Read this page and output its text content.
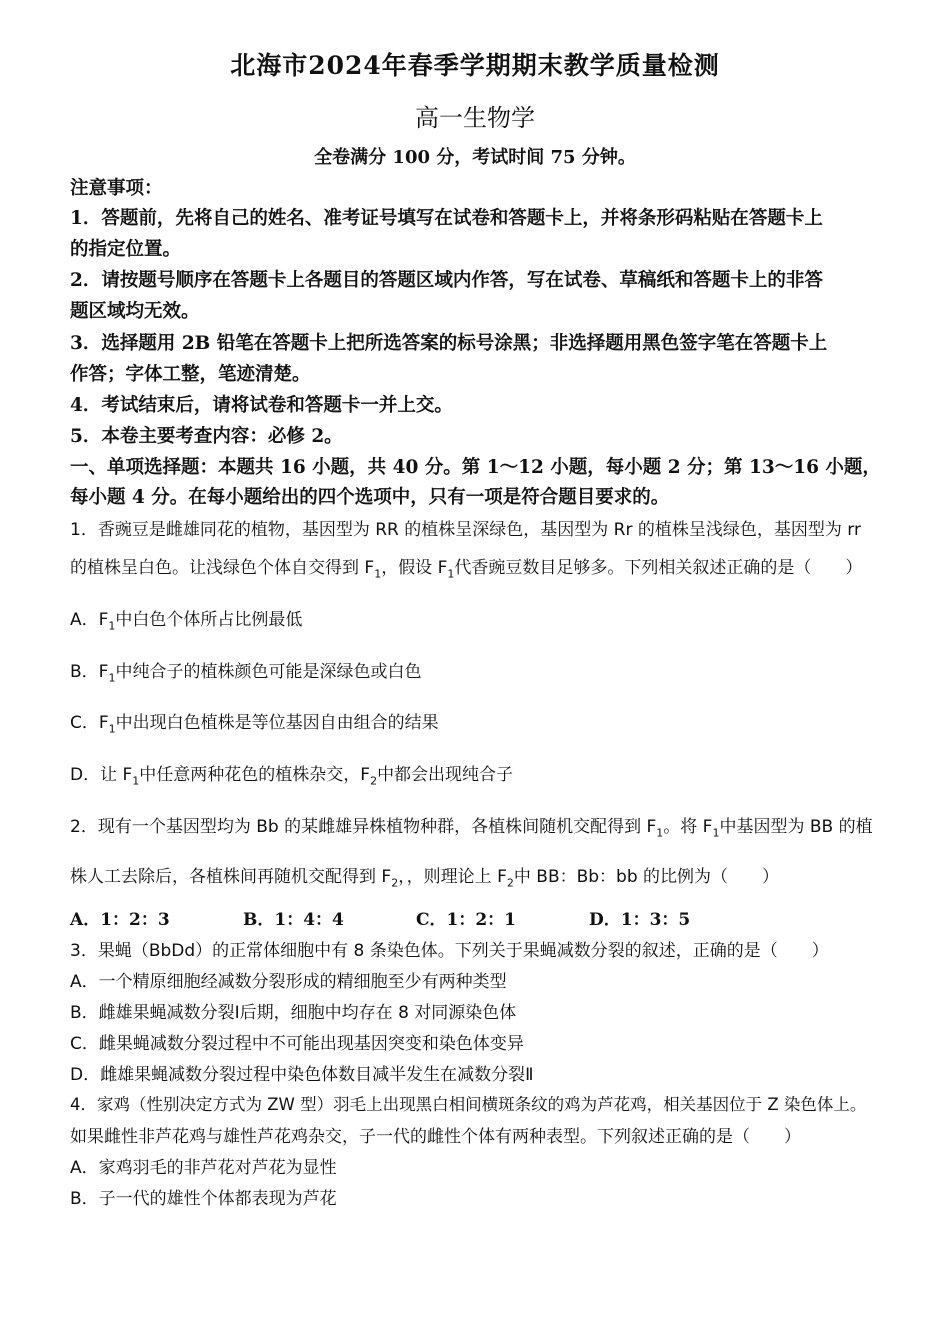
北海市2024年春季学期期末教学质量检测
高一生物学
全卷满分 100 分，考试时间 75 分钟。
注意事项：
1．答题前，先将自己的姓名、准考证号填写在试卷和答题卡上，并将条形码粘贴在答题卡上
的指定位置。
2．请按题号顺序在答题卡上各题目的答题区域内作答，写在试卷、草稿纸和答题卡上的非答
题区域均无效。
3．选择题用 2B 铅笔在答题卡上把所选答案的标号涂黑；非选择题用黑色签字笔在答题卡上
作答；字体工整，笔迹清楚。
4．考试结束后，请将试卷和答题卡一并上交。
5．本卷主要考查内容：必修 2。
一、单项选择题：本题共 16 小题，共 40 分。第 1～12 小题，每小题 2 分；第 13～16 小题，
每小题 4 分。在每小题给出的四个选项中，只有一项是符合题目要求的。
1．香豌豆是雌雄同花的植物，基因型为 RR 的植株呈深绿色，基因型为 Rr 的植株呈浅绿色，基因型为 rr
的植株呈白色。让浅绿色个体自交得到 $F_1$，假设 $F_1$代香豌豆数目足够多。下列相关叙述正确的是（　　）
A．$F_1$中白色个体所占比例最低
B．$F_1$中纯合子的植株颜色可能是深绿色或白色
C．$F_1$中出现白色植株是等位基因自由组合的结果
D．让 $F_1$中任意两种花色的植株杂交，$F_2$中都会出现纯合子
2．现有一个基因型均为 Bb 的某雌雄异株植物种群，各植株间随机交配得到 $F_1$。将 $F_1$中基因型为 BB 的植
株人工去除后，各植株间再随机交配得到 $F_2$，，则理论上 $F_2$中 BB：Bb：bb 的比例为（　　）
A．1：2：3	B．1：4：4	C．1：2：1	D．1：3：5
3．果蝇（BbDd）的正常体细胞中有 8 条染色体。下列关于果蝇减数分裂的叙述，正确的是（　　）
A．一个精原细胞经减数分裂形成的精细胞至少有两种类型
B．雌雄果蝇减数分裂Ⅰ后期，细胞中均存在 8 对同源染色体
C．雌果蝇减数分裂过程中不可能出现基因突变和染色体变异
D．雌雄果蝇减数分裂过程中染色体数目减半发生在减数分裂Ⅱ
4．家鸡（性别决定方式为 ZW 型）羽毛上出现黑白相间横斑条纹的鸡为芦花鸡，相关基因位于 Z 染色体上。
如果雌性非芦花鸡与雄性芦花鸡杂交，子一代的雌性个体有两种表型。下列叙述正确的是（　　）
A．家鸡羽毛的非芦花对芦花为显性
B．子一代的雄性个体都表现为芦花
